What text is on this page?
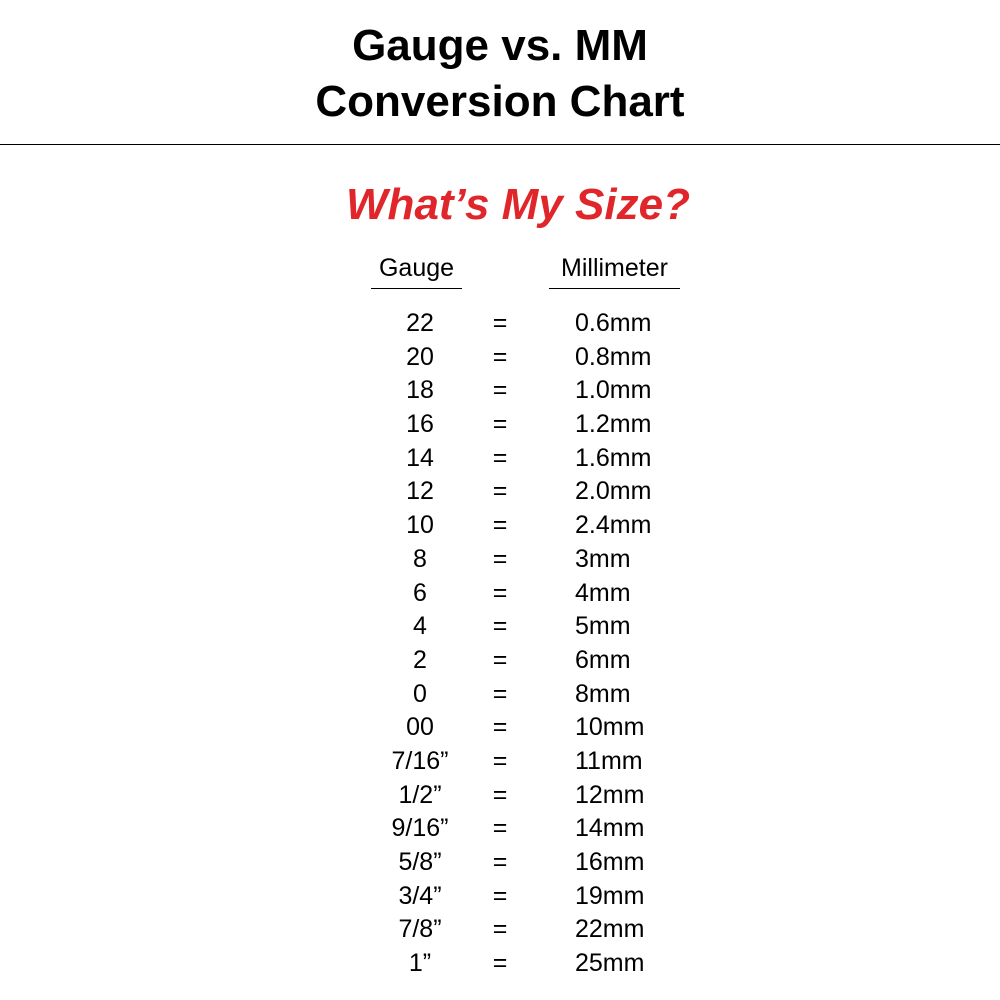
Gauge vs. MM
Conversion Chart
What’s My Size?
Gauge	Millimeter
22	=	0.6mm
20	=	0.8mm
18	=	1.0mm
16	=	1.2mm
14	=	1.6mm
12	=	2.0mm
10	=	2.4mm
8	=	3mm
6	=	4mm
4	=	5mm
2	=	6mm
0	=	8mm
00	=	10mm
7/16”	=	11mm
1/2”	=	12mm
9/16”	=	14mm
5/8”	=	16mm
3/4”	=	19mm
7/8”	=	22mm
1”	=	25mm
